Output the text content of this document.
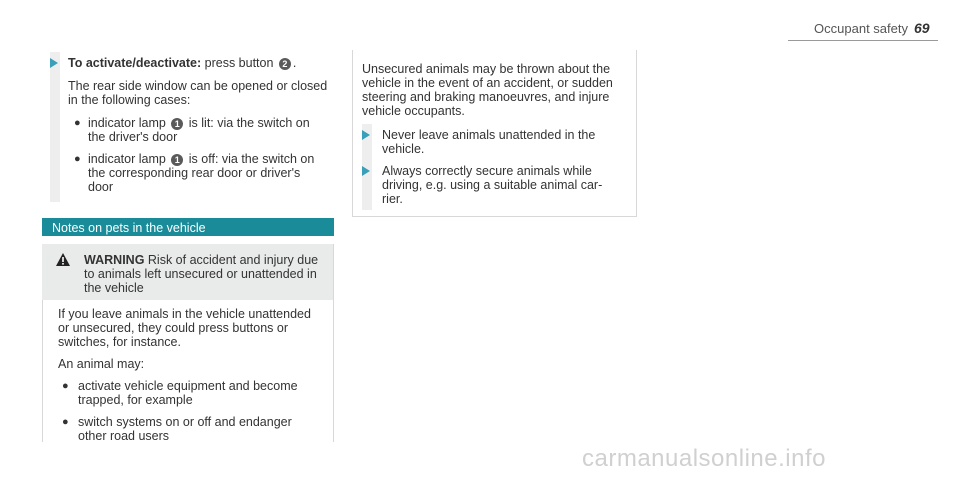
Occupant safety 69
To activate/deactivate: press button 2 .
The rear side window can be opened or closed
in the following cases:
● indicator lamp 1 is lit: via the switch on
the driver's door
● indicator lamp 1 is off: via the switch on
the corresponding rear door or driver's
door
Notes on pets in the vehicle
WARNING Risk of accident and injury due
to animals left unsecured or unattended in
the vehicle
If you leave animals in the vehicle unattended
or unsecured, they could press buttons or
switches, for instance.
An animal may:
● activate vehicle equipment and become
trapped, for example
● switch systems on or off and endanger
other road users
Unsecured animals may be thrown about the
vehicle in the event of an accident, or sudden
steering and braking manoeuvres, and injure
vehicle occupants.
Never leave animals unattended in the
vehicle.
Always correctly secure animals while
driving, e.g. using a suitable animal car-
rier.
carmanualsonline.info
